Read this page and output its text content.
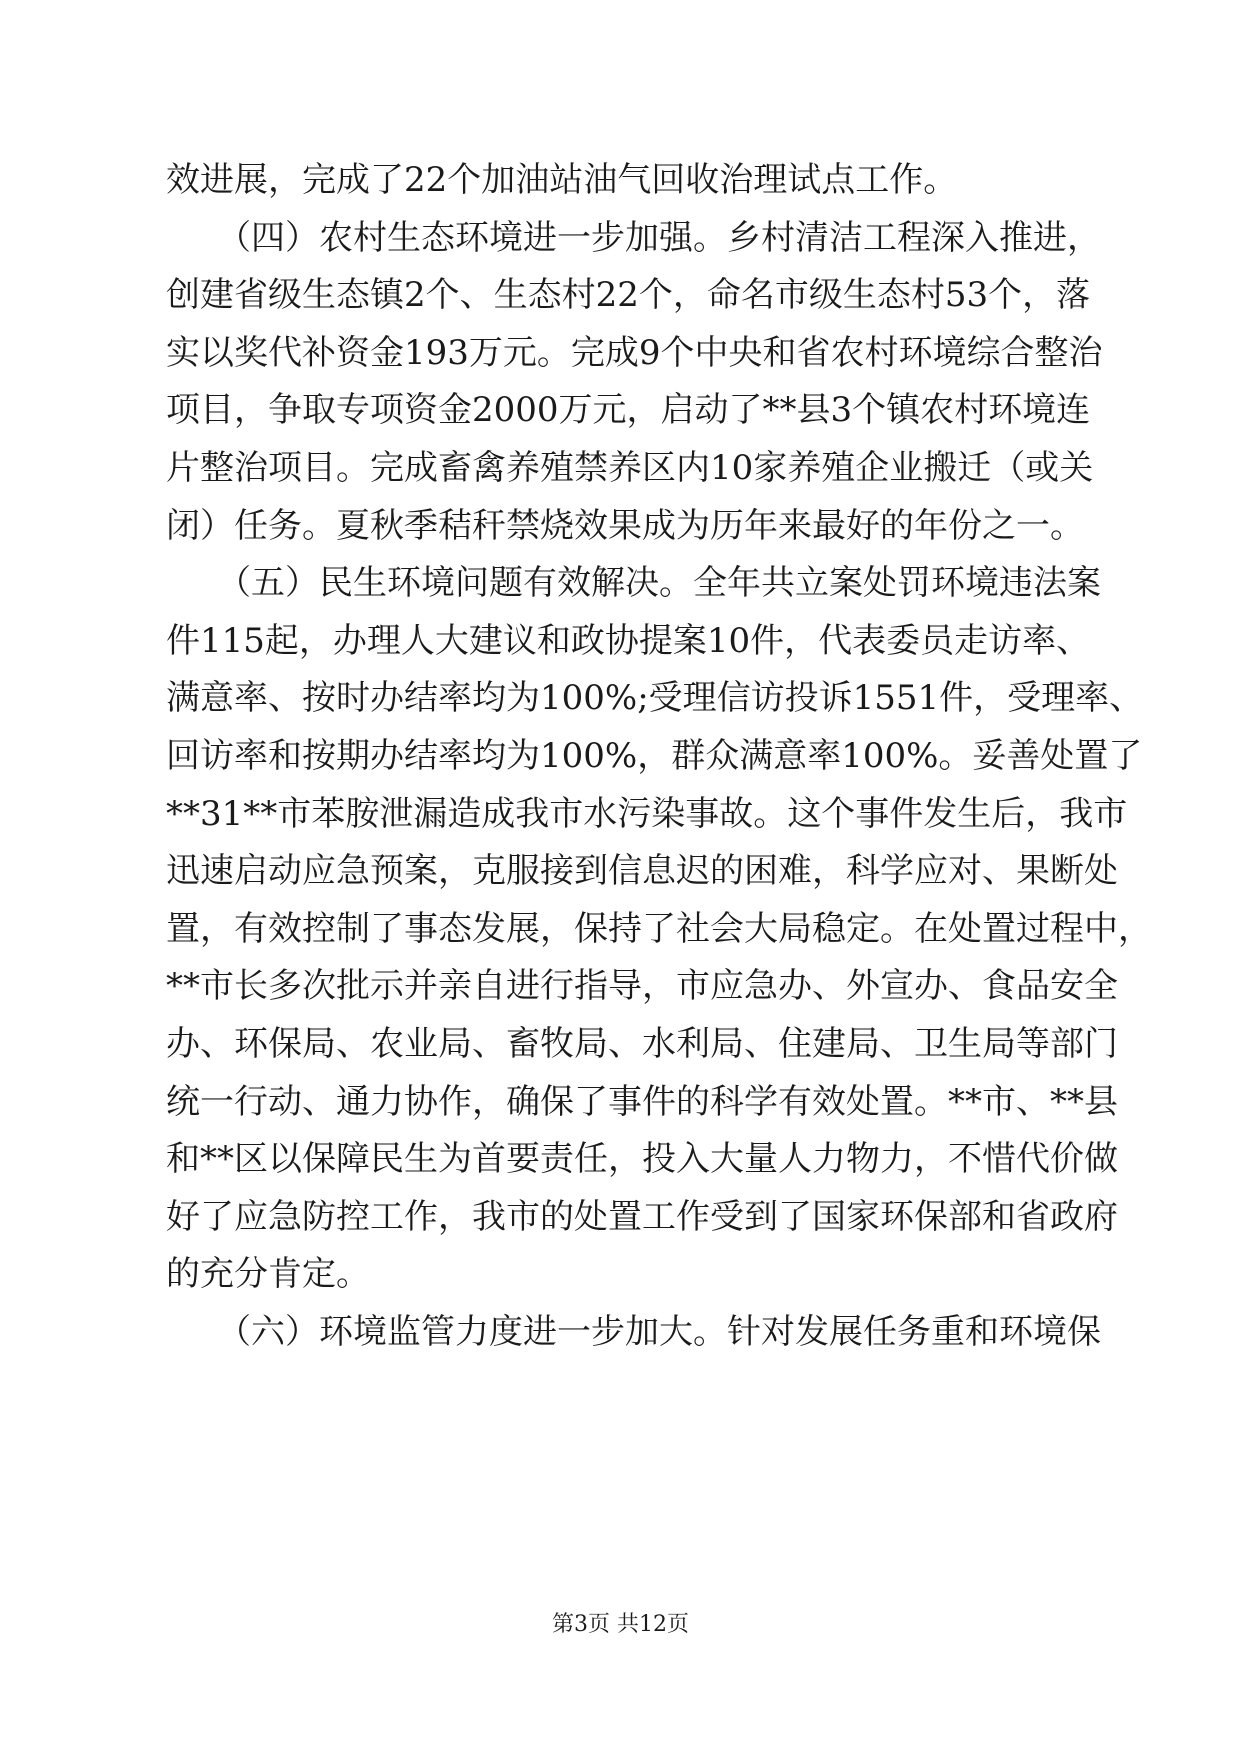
效进展，完成了22个加油站油气回收治理试点工作。
　　（四）农村生态环境进一步加强。乡村清洁工程深入推进，
创建省级生态镇2个、生态村22个，命名市级生态村53个，落
实以奖代补资金193万元。完成9个中央和省农村环境综合整治
项目，争取专项资金2000万元，启动了**县3个镇农村环境连
片整治项目。完成畜禽养殖禁养区内10家养殖企业搬迁（或关
闭）任务。夏秋季秸秆禁烧效果成为历年来最好的年份之一。
　　（五）民生环境问题有效解决。全年共立案处罚环境违法案
件115起，办理人大建议和政协提案10件，代表委员走访率、
满意率、按时办结率均为100%;受理信访投诉1551件，受理率、
回访率和按期办结率均为100%，群众满意率100%。妥善处置了
**31**市苯胺泄漏造成我市水污染事故。这个事件发生后，我市
迅速启动应急预案，克服接到信息迟的困难，科学应对、果断处
置，有效控制了事态发展，保持了社会大局稳定。在处置过程中，
**市长多次批示并亲自进行指导，市应急办、外宣办、食品安全
办、环保局、农业局、畜牧局、水利局、住建局、卫生局等部门
统一行动、通力协作，确保了事件的科学有效处置。**市、**县
和**区以保障民生为首要责任，投入大量人力物力，不惜代价做
好了应急防控工作，我市的处置工作受到了国家环保部和省政府
的充分肯定。
　　（六）环境监管力度进一步加大。针对发展任务重和环境保
第3页 共12页
